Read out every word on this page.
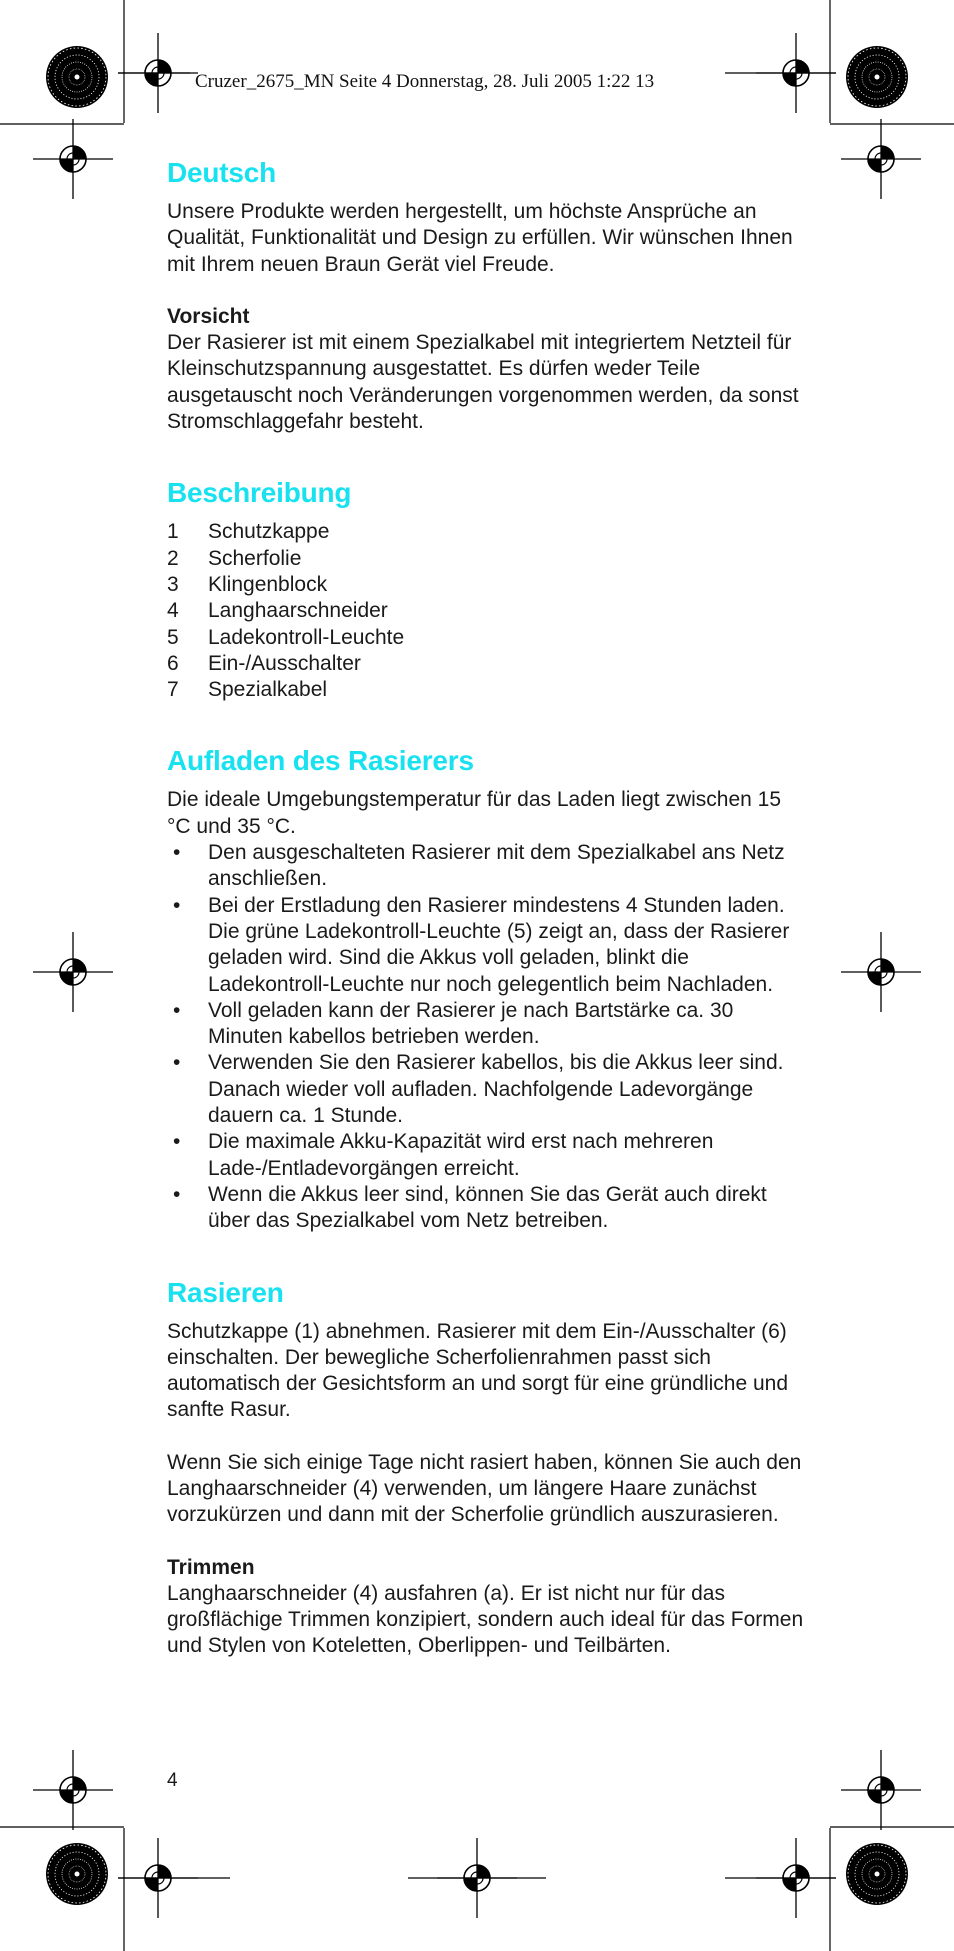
Cruzer_2675_MN Seite 4 Donnerstag, 28. Juli 2005 1:22 13
Deutsch

Unsere Produkte werden hergestellt, um höchste Ansprüche an Qualität, Funktionalität und Design zu erfüllen. Wir wünschen Ihnen mit Ihrem neuen Braun Gerät viel Freude.

Vorsicht

Der Rasierer ist mit einem Spezialkabel mit integriertem Netzteil für Kleinschutzspannung ausgestattet. Es dürfen weder Teile ausgetauscht noch Veränderungen vorgenommen werden, da sonst Stromschlaggefahr besteht.

Beschreibung
1	Schutzkappe
2	Scherfolie
3	Klingenblock
4	Langhaarschneider
5	Ladekontroll-Leuchte
6	Ein-/Ausschalter
7	Spezialkabel
Aufladen des Rasierers

Die ideale Umgebungstemperatur für das Laden liegt zwischen 15 °C und 35 °C.

•	Den ausgeschalteten Rasierer mit dem Spezialkabel ans Netz anschließen.
•	Bei der Erstladung den Rasierer mindestens 4 Stunden laden. Die grüne Ladekontroll-Leuchte (5) zeigt an, dass der Rasierer geladen wird. Sind die Akkus voll geladen, blinkt die Ladekontroll-Leuchte nur noch gelegentlich beim Nachladen.
•	Voll geladen kann der Rasierer je nach Bartstärke ca. 30 Minuten kabellos betrieben werden.
•	Verwenden Sie den Rasierer kabellos, bis die Akkus leer sind. Danach wieder voll aufladen. Nachfolgende Ladevorgänge dauern ca. 1 Stunde.
•	Die maximale Akku-Kapazität wird erst nach mehreren Lade-/Entladevorgängen erreicht.
•	Wenn die Akkus leer sind, können Sie das Gerät auch direkt über das Spezialkabel vom Netz betreiben.
Rasieren

Schutzkappe (1) abnehmen. Rasierer mit dem Ein-/Ausschalter (6) einschalten. Der bewegliche Scherfolienrahmen passt sich automatisch der Gesichtsform an und sorgt für eine gründliche und sanfte Rasur.

Wenn Sie sich einige Tage nicht rasiert haben, können Sie auch den Langhaarschneider (4) verwenden, um längere Haare zunächst vorzukürzen und dann mit der Scherfolie gründlich auszurasieren.

Trimmen

Langhaarschneider (4) ausfahren (a). Er ist nicht nur für das großflächige Trimmen konzipiert, sondern auch ideal für das Formen und Stylen von Koteletten, Oberlippen- und Teilbärten.

4
